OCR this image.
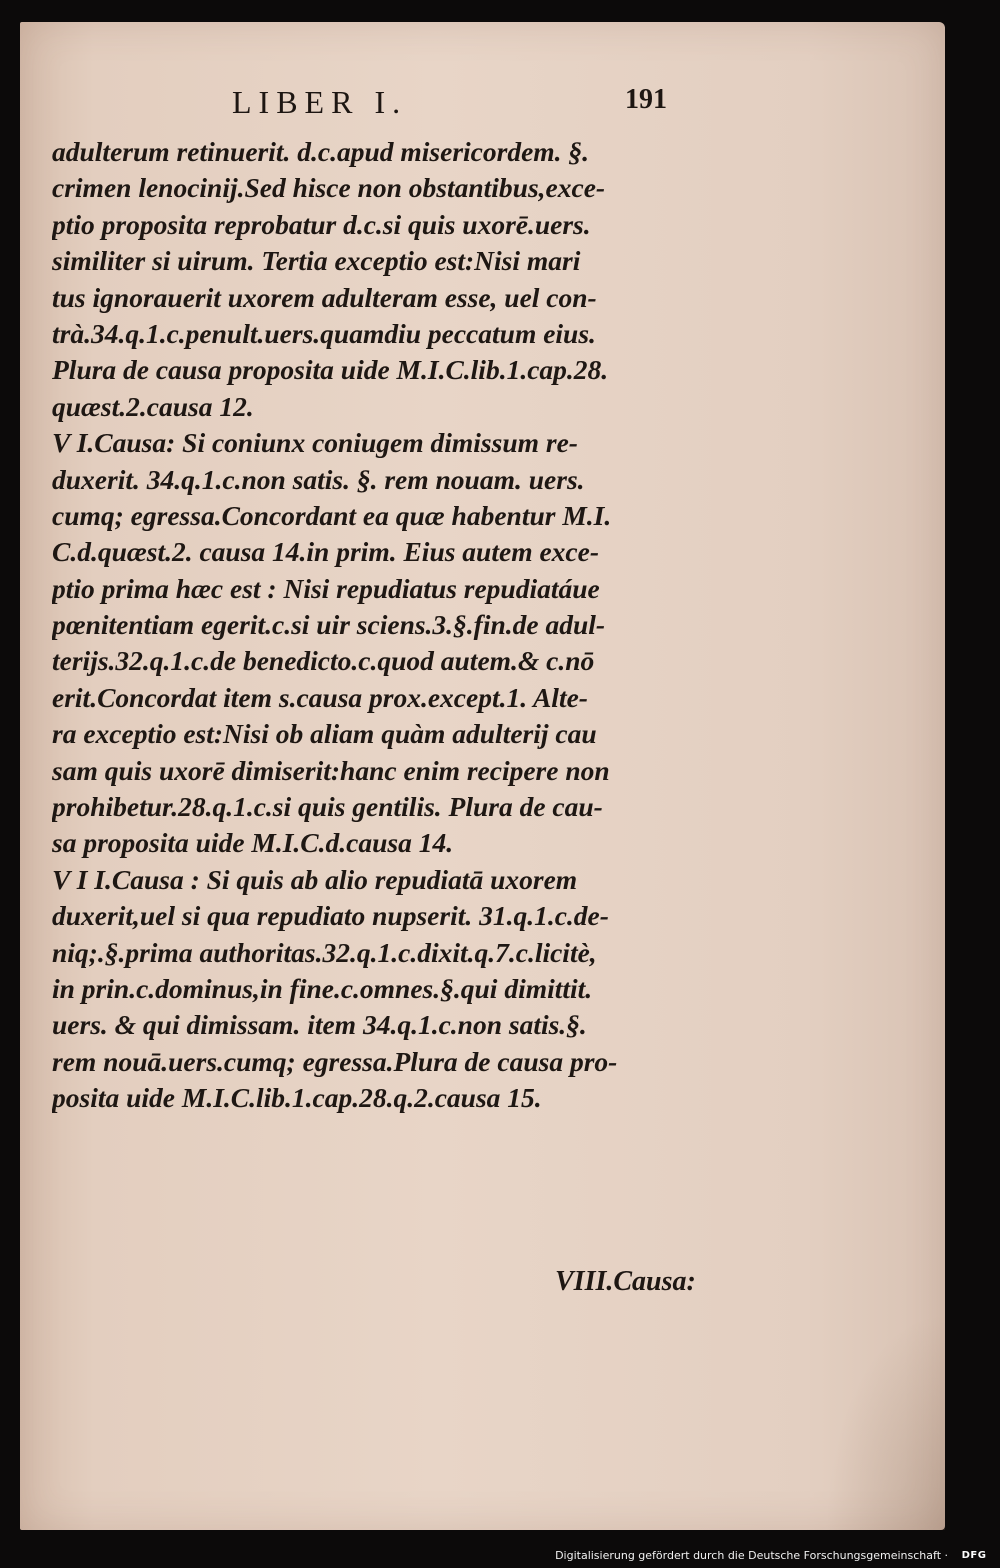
LIBER I.	191
adulterum retinuerit. d.c.apud misericordem. §.
crimen lenocinij.Sed hisce non obstantibus,exce-
ptio proposita reprobatur d.c.si quis uxorē.uers.
similiter si uirum. Tertia exceptio est:Nisi mari
tus ignorauerit uxorem adulteram esse, uel con-
trà.34.q.1.c.penult.uers.quamdiu peccatum eius.
Plura de causa proposita uide M.I.C.lib.1.cap.28.
quæst.2.causa 12.
V I.Causa: Si coniunx coniugem dimissum re-
duxerit. 34.q.1.c.non satis. §. rem nouam. uers.
cumq; egressa.Concordant ea quæ habentur M.I.
C.d.quæst.2. causa 14.in prim. Eius autem exce-
ptio prima hæc est : Nisi repudiatus repudiatáue
pœnitentiam egerit.c.si uir sciens.3.§.fin.de adul-
terijs.32.q.1.c.de benedicto.c.quod autem.& c.nō
erit.Concordat item s.causa prox.except.1. Alte-
ra exceptio est:Nisi ob aliam quàm adulterij cau
sam quis uxorē dimiserit:hanc enim recipere non
prohibetur.28.q.1.c.si quis gentilis. Plura de cau-
sa proposita uide M.I.C.d.causa 14.
V I I.Causa : Si quis ab alio repudiatā uxorem
duxerit,uel si qua repudiato nupserit. 31.q.1.c.de-
niq;.§.prima authoritas.32.q.1.c.dixit.q.7.c.licitè,
in prin.c.dominus,in fine.c.omnes.§.qui dimittit.
uers. & qui dimissam. item 34.q.1.c.non satis.§.
rem nouā.uers.cumq; egressa.Plura de causa pro-
posita uide M.I.C.lib.1.cap.28.q.2.causa 15.
VIII.Causa:
Digitalisierung gefördert durch die Deutsche Forschungsgemeinschaft ·	DFG
